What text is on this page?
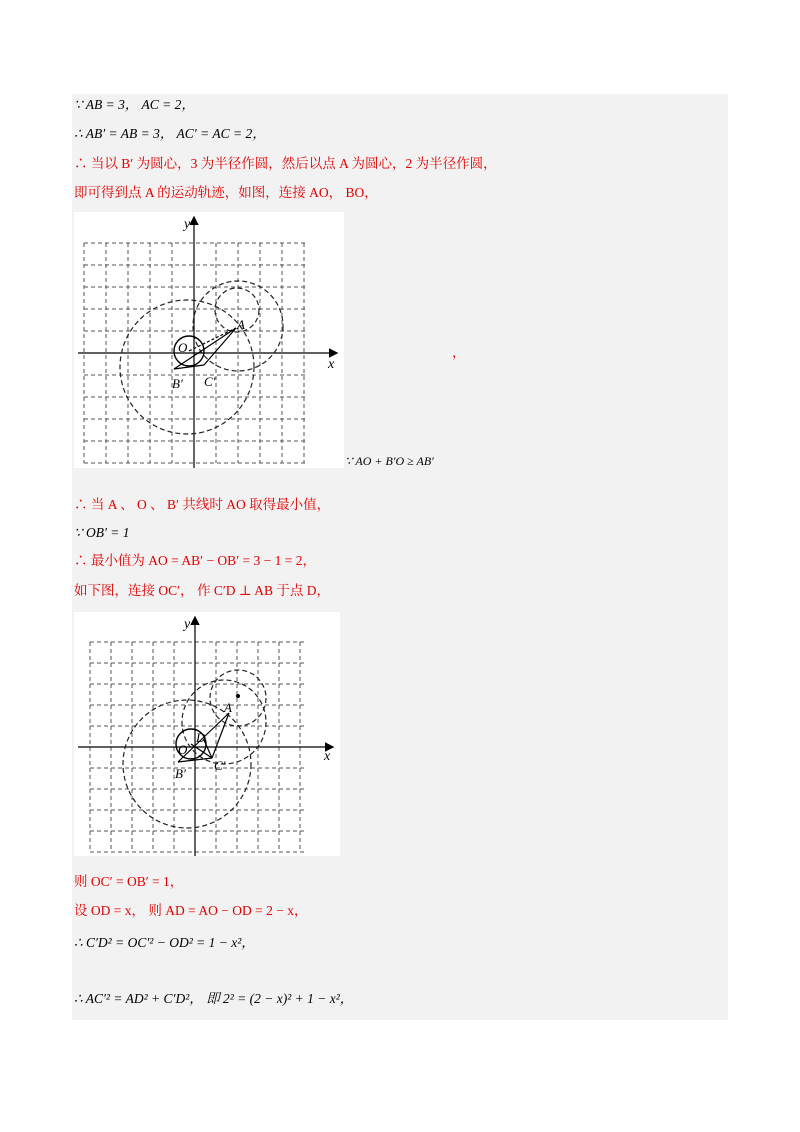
∵ AB = 3， AC = 2，
∴ AB′ = AB = 3， AC′ = AC = 2，
∴ 当以 B′ 为圆心，3 为半径作圆，然后以点 A 为圆心，2 为半径作圆，
即可得到点 A 的运动轨迹，如图，连接 AO， BO，
y
x
O
A
B′ C′
，
∵ AO + B′O ≥ AB′
∴ 当 A 、 O 、 B′ 共线时 AO 取得最小值，
∵ OB′ = 1
∴ 最小值为 AO = AB′ − OB′ = 3 − 1 = 2，
如下图，连接 OC′， 作 C′D ⊥ AB 于点 D，
y
x
O
A
D
B′
C′
则 OC′ = OB′ = 1，
设 OD = x， 则 AD = AO − OD = 2 − x，
∴ C′D² = OC′² − OD² = 1 − x²，
∴ AC′² = AD² + C′D²， 即 2² = (2 − x)² + 1 − x²，
